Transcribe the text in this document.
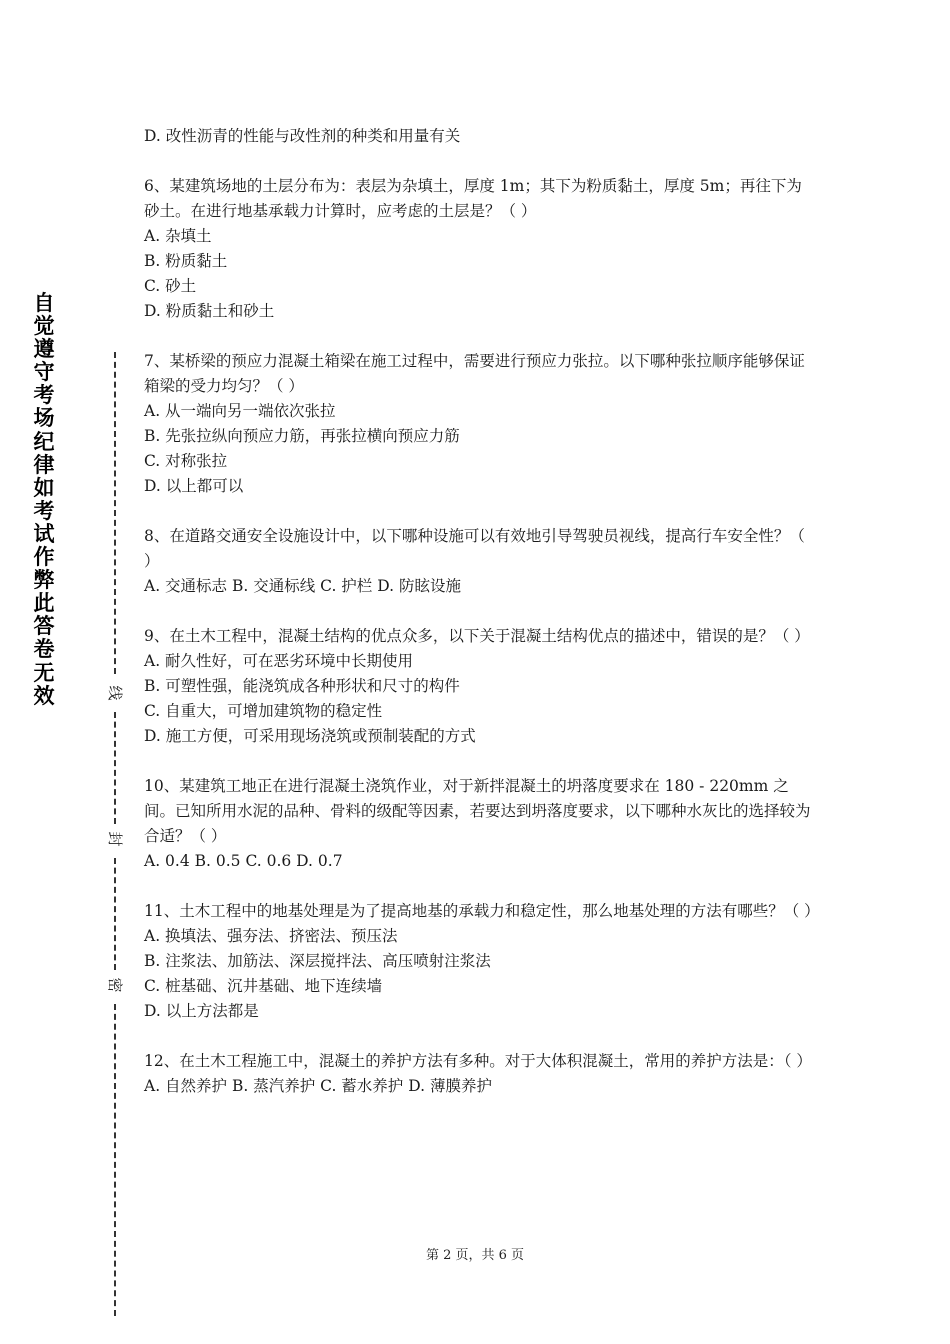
自觉遵守考场纪律如考试作弊此答卷无效	线
封
密
D. 改性沥青的性能与改性剂的种类和用量有关
6、某建筑场地的土层分布为：表层为杂填土，厚度 1m；其下为粉质黏土，厚度 5m；再往下为砂土。在进行地基承载力计算时，应考虑的土层是？（ ）
A. 杂填土
B. 粉质黏土
C. 砂土
D. 粉质黏土和砂土
7、某桥梁的预应力混凝土箱梁在施工过程中，需要进行预应力张拉。以下哪种张拉顺序能够保证箱梁的受力均匀？（ ）
A. 从一端向另一端依次张拉
B. 先张拉纵向预应力筋，再张拉横向预应力筋
C. 对称张拉
D. 以上都可以
8、在道路交通安全设施设计中，以下哪种设施可以有效地引导驾驶员视线，提高行车安全性？（ ）
A. 交通标志 B. 交通标线 C. 护栏 D. 防眩设施
9、在土木工程中，混凝土结构的优点众多，以下关于混凝土结构优点的描述中，错误的是？（ ）
A. 耐久性好，可在恶劣环境中长期使用
B. 可塑性强，能浇筑成各种形状和尺寸的构件
C. 自重大，可增加建筑物的稳定性
D. 施工方便，可采用现场浇筑或预制装配的方式
10、某建筑工地正在进行混凝土浇筑作业，对于新拌混凝土的坍落度要求在 180 - 220mm 之间。已知所用水泥的品种、骨料的级配等因素，若要达到坍落度要求，以下哪种水灰比的选择较为合适？（ ）
A. 0.4 B. 0.5 C. 0.6 D. 0.7
11、土木工程中的地基处理是为了提高地基的承载力和稳定性，那么地基处理的方法有哪些？（ ）
A. 换填法、强夯法、挤密法、预压法
B. 注浆法、加筋法、深层搅拌法、高压喷射注浆法
C. 桩基础、沉井基础、地下连续墙
D. 以上方法都是
12、在土木工程施工中，混凝土的养护方法有多种。对于大体积混凝土，常用的养护方法是：（ ）
A. 自然养护 B. 蒸汽养护 C. 蓄水养护 D. 薄膜养护
第 2 页，共 6 页
